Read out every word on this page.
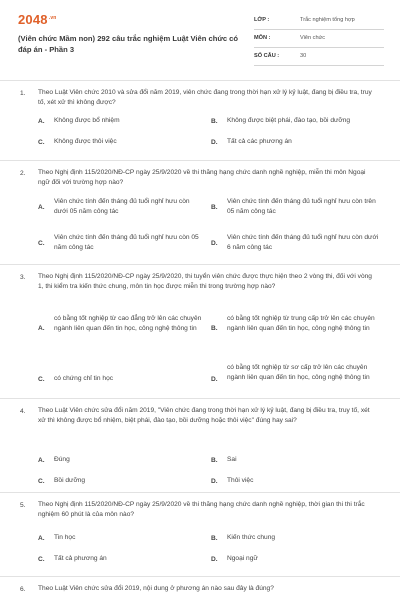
$2048^{.vn}$
(Viên chức Mầm non) 292 câu trắc nghiệm Luật Viên chức có đáp án - Phần 3
LỚP :	Trắc nghiệm tổng hợp
MÔN :	Viên chức
SỐ CÂU :	30
1. Theo Luật Viên chức 2010 và sửa đổi năm 2019, viên chức đang trong thời hạn xử lý kỷ luật, đang bị điều tra, truy tố, xét xử thì không được?
A. Không được bổ nhiệm	B. Không được biệt phái, đào tạo, bồi dưỡng
C. Không được thôi việc	D. Tất cả các phương án
2. Theo Nghị định 115/2020/NĐ-CP ngày 25/9/2020 về thi thăng hạng chức danh nghề nghiệp, miễn thi môn Ngoại ngữ đối với trường hợp nào?
A.
Viên chức tính đến tháng đủ tuổi nghỉ hưu còn dưới 05 năm công tác
B.
Viên chức tính đến tháng đủ tuổi nghỉ hưu còn trên 05 năm công tác
C.
Viên chức tính đến tháng đủ tuổi nghỉ hưu còn 05 năm công tác
D.
Viên chức tính đến tháng đủ tuổi nghỉ hưu còn dưới 6 năm công tác
3. Theo Nghị định 115/2020/NĐ-CP ngày 25/9/2020, thi tuyển viên chức được thực hiện theo 2 vòng thi, đối với vòng 1, thi kiểm tra kiến thức chung, môn tin học được miễn thi trong trường hợp nào?
A.
có bằng tốt nghiệp từ cao đẳng trở lên các chuyên ngành liên quan đến tin học, công nghệ thông tin	B.
có bằng tốt nghiệp từ trung cấp trở lên các chuyên ngành liên quan đến tin học, công nghệ thông tin
C. có chứng chỉ tin học	D.
có bằng tốt nghiệp từ sơ cấp trở lên các chuyên ngành liên quan đến tin học, công nghệ thông tin
4. Theo Luật Viên chức sửa đổi năm 2019, "Viên chức đang trong thời hạn xử lý kỷ luật, đang bị điều tra, truy tố, xét xử thì không được bổ nhiệm, biệt phái, đào tạo, bồi dưỡng hoặc thôi việc" đúng hay sai?
A. Đúng	B. Sai
C. Bồi dưỡng	D. Thôi việc
5. Theo Nghị định 115/2020/NĐ-CP ngày 25/9/2020 về thi thăng hạng chức danh nghề nghiệp, thời gian thi thi trắc nghiệm 60 phút là của môn nào?
A. Tin học	B. Kiến thức chung
C. Tất cả phương án	D. Ngoại ngữ
6. Theo Luật Viên chức sửa đổi 2019, nội dung ở phương án nào sau đây là đúng?
